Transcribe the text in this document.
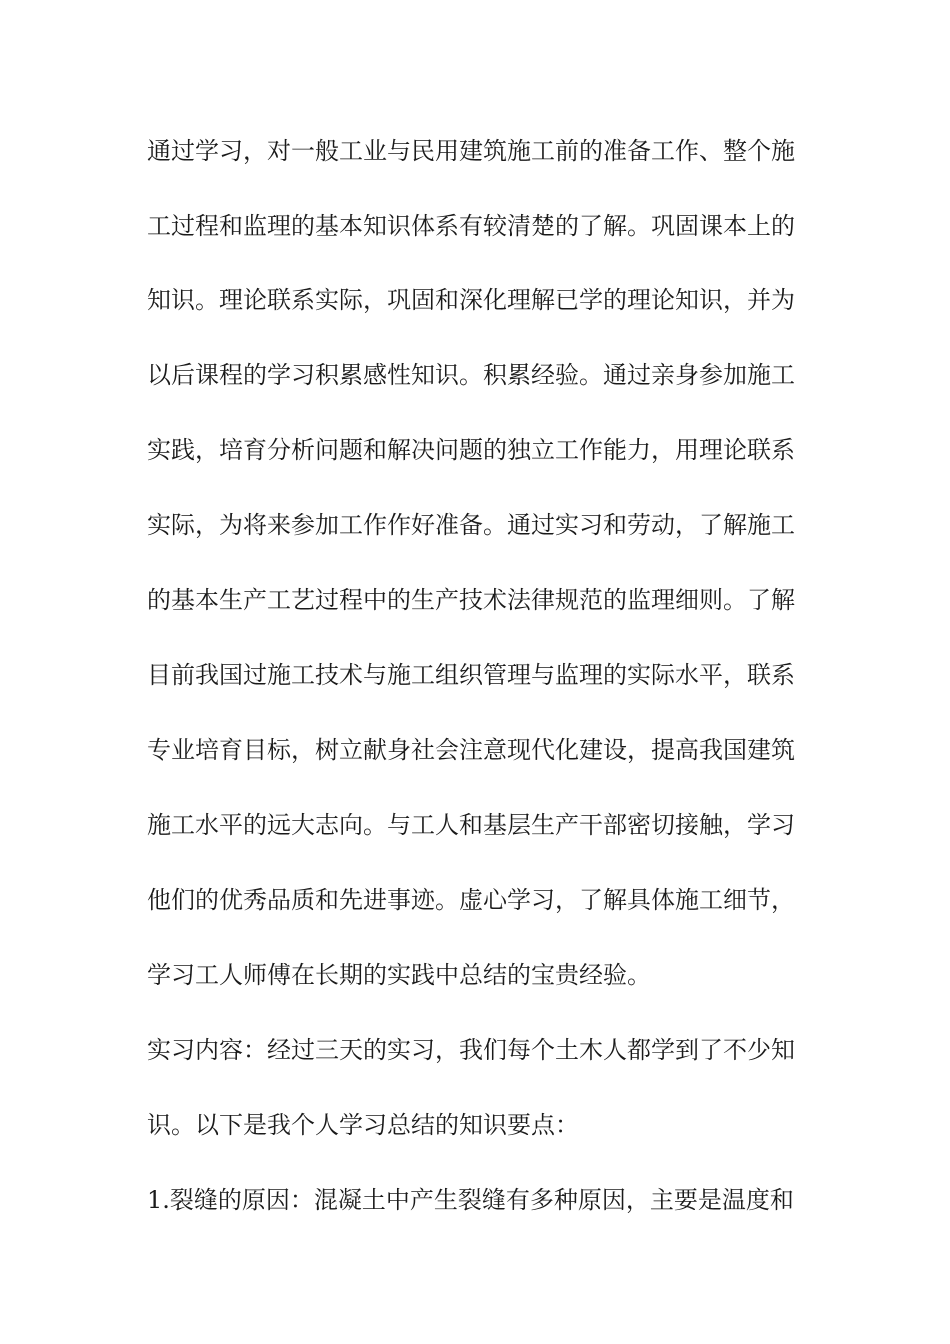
通过学习，对一般工业与民用建筑施工前的准备工作、整个施
工过程和监理的基本知识体系有较清楚的了解。巩固课本上的
知识。理论联系实际，巩固和深化理解已学的理论知识，并为
以后课程的学习积累感性知识。积累经验。通过亲身参加施工
实践，培育分析问题和解决问题的独立工作能力，用理论联系
实际，为将来参加工作作好准备。通过实习和劳动，了解施工
的基本生产工艺过程中的生产技术法律规范的监理细则。了解
目前我国过施工技术与施工组织管理与监理的实际水平，联系
专业培育目标，树立献身社会注意现代化建设，提高我国建筑
施工水平的远大志向。与工人和基层生产干部密切接触，学习
他们的优秀品质和先进事迹。虚心学习，了解具体施工细节，
学习工人师傅在长期的实践中总结的宝贵经验。
实习内容：经过三天的实习，我们每个土木人都学到了不少知
识。以下是我个人学习总结的知识要点：
1.裂缝的原因：混凝土中产生裂缝有多种原因，主要是温度和
